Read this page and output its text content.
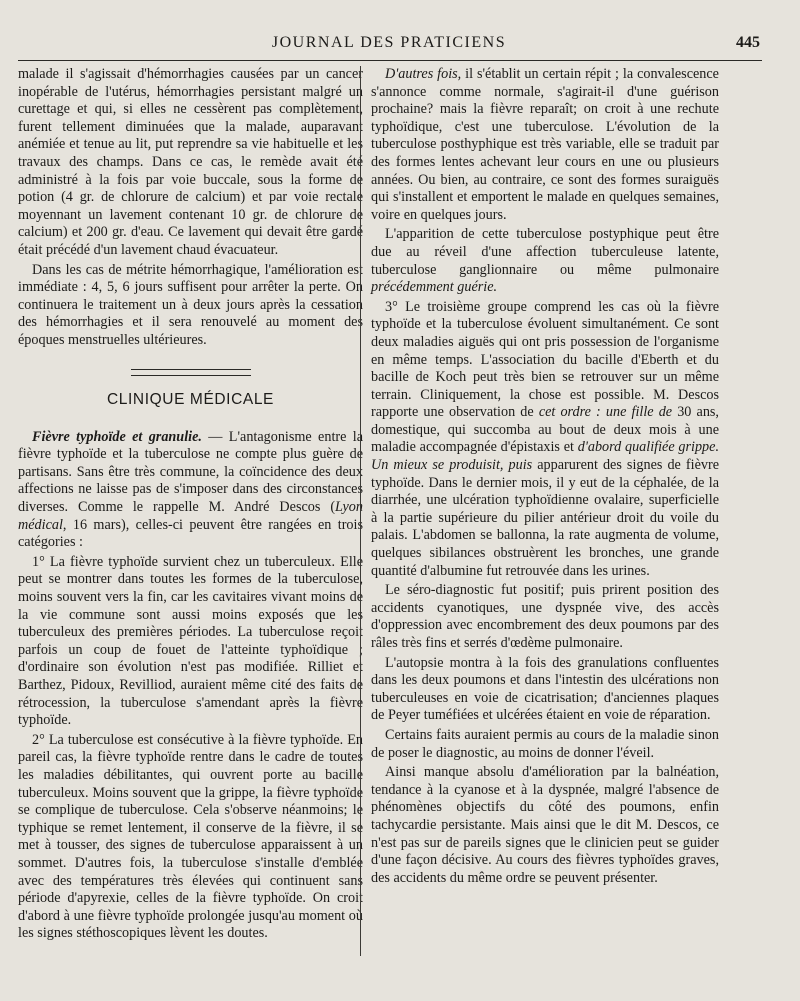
JOURNAL DES PRATICIENS	445

malade il s'agissait d'hémorrhagies causées par un cancer inopérable de l'utérus, hémorrhagies persistant malgré un curettage et qui, si elles ne cessèrent pas complètement, furent tellement diminuées que la malade, auparavant anémiée et tenue au lit, put reprendre sa vie habituelle et les travaux des champs. Dans ce cas, le remède avait été administré à la fois par voie buccale, sous la forme de potion (4 gr. de chlorure de calcium) et par voie rectale moyennant un lavement contenant 10 gr. de chlorure de calcium) et 200 gr. d'eau. Ce lavement qui devait être gardé était précédé d'un lavement chaud évacuateur.

Dans les cas de métrite hémorrhagique, l'amélioration est immédiate : 4, 5, 6 jours suffisent pour arrêter la perte. On continuera le traitement un à deux jours après la cessation des hémorrhagies et il sera renouvelé au moment des époques menstruelles ultérieures.

CLINIQUE MÉDICALE

Fièvre typhoïde et granulie. — L'antagonisme entre la fièvre typhoïde et la tuberculose ne compte plus guère de partisans. Sans être très commune, la coïncidence des deux affections ne laisse pas de s'imposer dans des circonstances diverses. Comme le rappelle M. André Descos (Lyon médical, 16 mars), celles-ci peuvent être rangées en trois catégories :

1° La fièvre typhoïde survient chez un tuberculeux. Elle peut se montrer dans toutes les formes de la tuberculose, moins souvent vers la fin, car les cavitaires vivant moins de la vie commune sont aussi moins exposés que les tuberculeux des premières périodes. La tuberculose reçoit parfois un coup de fouet de l'atteinte typhoïdique ; d'ordinaire son évolution n'est pas modifiée. Rilliet et Barthez, Pidoux, Revilliod, auraient même cité des faits de rétrocession, la tuberculose s'amendant après la fièvre typhoïde.

2° La tuberculose est consécutive à la fièvre typhoïde. En pareil cas, la fièvre typhoïde rentre dans le cadre de toutes les maladies débilitantes, qui ouvrent porte au bacille tuberculeux. Moins souvent que la grippe, la fièvre typhoïde se complique de tuberculose. Cela s'observe néanmoins; le typhique se remet lentement, il conserve de la fièvre, il se met à tousser, des signes de tuberculose apparaissent à un sommet. D'autres fois, la tuberculose s'installe d'emblée avec des températures très élevées qui continuent sans période d'apyrexie, celles de la fièvre typhoïde. On croit d'abord à une fièvre typhoïde prolongée jusqu'au moment où les signes stéthoscopiques lèvent les doutes.

D'autres fois, il s'établit un certain répit ; la convalescence s'annonce comme normale, s'agirait-il d'une guérison prochaine? mais la fièvre reparaît; on croit à une rechute typhoïdique, c'est une tuberculose. L'évolution de la tuberculose posthyphique est très variable, elle se traduit par des formes lentes achevant leur cours en une ou plusieurs années. Ou bien, au contraire, ce sont des formes suraiguës qui s'installent et emportent le malade en quelques semaines, voire en quelques jours.

L'apparition de cette tuberculose postyphique peut être due au réveil d'une affection tuberculeuse latente, tuberculose ganglionnaire ou même pulmonaire précédemment guérie.

3° Le troisième groupe comprend les cas où la fièvre typhoïde et la tuberculose évoluent simultanément. Ce sont deux maladies aiguës qui ont pris possession de l'organisme en même temps. L'association du bacille d'Eberth et du bacille de Koch peut très bien se retrouver sur un même terrain. Cliniquement, la chose est possible. M. Descos rapporte une observation de cet ordre : une fille de 30 ans, domestique, qui succomba au bout de deux mois à une maladie accompagnée d'épistaxis et d'abord qualifiée grippe. Un mieux se produisit, puis apparurent des signes de fièvre typhoïde. Dans le dernier mois, il y eut de la céphalée, de la diarrhée, une ulcération typhoïdienne ovalaire, superficielle à la partie supérieure du pilier antérieur droit du voile du palais. L'abdomen se ballonna, la rate augmenta de volume, quelques sibilances obstruèrent les bronches, une grande quantité d'albumine fut retrouvée dans les urines.

Le séro-diagnostic fut positif; puis prirent position des accidents cyanotiques, une dyspnée vive, des accès d'oppression avec encombrement des deux poumons par des râles très fins et serrés d'œdème pulmonaire.

L'autopsie montra à la fois des granulations confluentes dans les deux poumons et dans l'intestin des ulcérations non tuberculeuses en voie de cicatrisation; d'anciennes plaques de Peyer tuméfiées et ulcérées étaient en voie de réparation.

Certains faits auraient permis au cours de la maladie sinon de poser le diagnostic, au moins de donner l'éveil.

Ainsi manque absolu d'amélioration par la balnéation, tendance à la cyanose et à la dyspnée, malgré l'absence de phénomènes objectifs du côté des poumons, enfin tachycardie persistante. Mais ainsi que le dit M. Descos, ce n'est pas sur de pareils signes que le clinicien peut se guider d'une façon décisive. Au cours des fièvres typhoïdes graves, des accidents du même ordre se peuvent présenter.
